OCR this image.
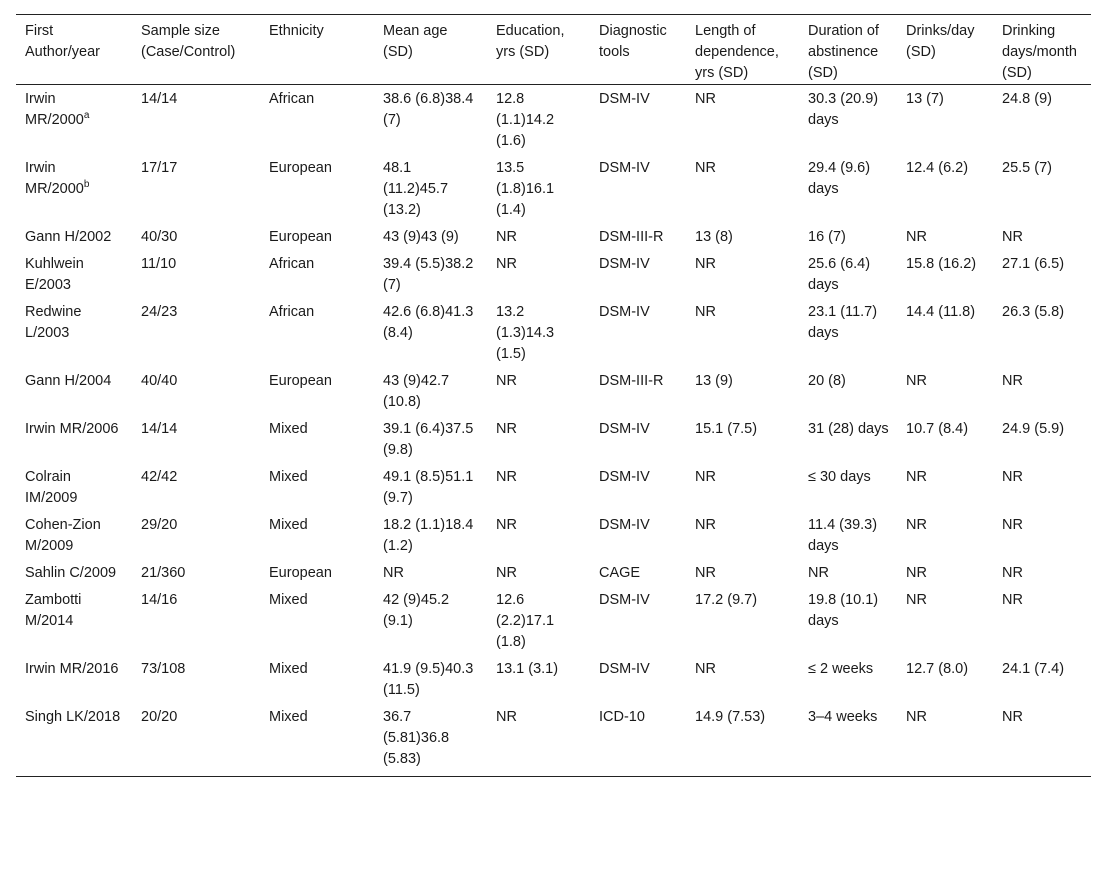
First Author/year	Sample size (Case/Control)	Ethnicity	Mean age (SD)	Education, yrs (SD)	Diagnostic tools	Length of dependence, yrs (SD)	Duration of abstinence (SD)	Drinks/day (SD)	Drinking days/month (SD)
Irwin MR/2000$^a$	14/14	African	38.6 (6.8)38.4 (7)	12.8 (1.1)14.2 (1.6)	DSM-IV	NR	30.3 (20.9) days	13 (7)	24.8 (9)
Irwin MR/2000$^b$	17/17	European	48.1 (11.2)45.7 (13.2)	13.5 (1.8)16.1 (1.4)	DSM-IV	NR	29.4 (9.6) days	12.4 (6.2)	25.5 (7)
Gann H/2002	40/30	European	43 (9)43 (9)	NR	DSM-III-R	13 (8)	16 (7)	NR	NR
Kuhlwein E/2003	11/10	African	39.4 (5.5)38.2 (7)	NR	DSM-IV	NR	25.6 (6.4) days	15.8 (16.2)	27.1 (6.5)
Redwine L/2003	24/23	African	42.6 (6.8)41.3 (8.4)	13.2 (1.3)14.3 (1.5)	DSM-IV	NR	23.1 (11.7) days	14.4 (11.8)	26.3 (5.8)
Gann H/2004	40/40	European	43 (9)42.7 (10.8)	NR	DSM-III-R	13 (9)	20 (8)	NR	NR
Irwin MR/2006	14/14	Mixed	39.1 (6.4)37.5 (9.8)	NR	DSM-IV	15.1 (7.5)	31 (28) days	10.7 (8.4)	24.9 (5.9)
Colrain IM/2009	42/42	Mixed	49.1 (8.5)51.1 (9.7)	NR	DSM-IV	NR	≤ 30 days	NR	NR
Cohen-Zion M/2009	29/20	Mixed	18.2 (1.1)18.4 (1.2)	NR	DSM-IV	NR	11.4 (39.3) days	NR	NR
Sahlin C/2009	21/360	European	NR	NR	CAGE	NR	NR	NR	NR
Zambotti M/2014	14/16	Mixed	42 (9)45.2 (9.1)	12.6 (2.2)17.1 (1.8)	DSM-IV	17.2 (9.7)	19.8 (10.1) days	NR	NR
Irwin MR/2016	73/108	Mixed	41.9 (9.5)40.3 (11.5)	13.1 (3.1)	DSM-IV	NR	≤ 2 weeks	12.7 (8.0)	24.1 (7.4)
Singh LK/2018	20/20	Mixed	36.7 (5.81)36.8 (5.83)	NR	ICD-10	14.9 (7.53)	3–4 weeks	NR	NR
